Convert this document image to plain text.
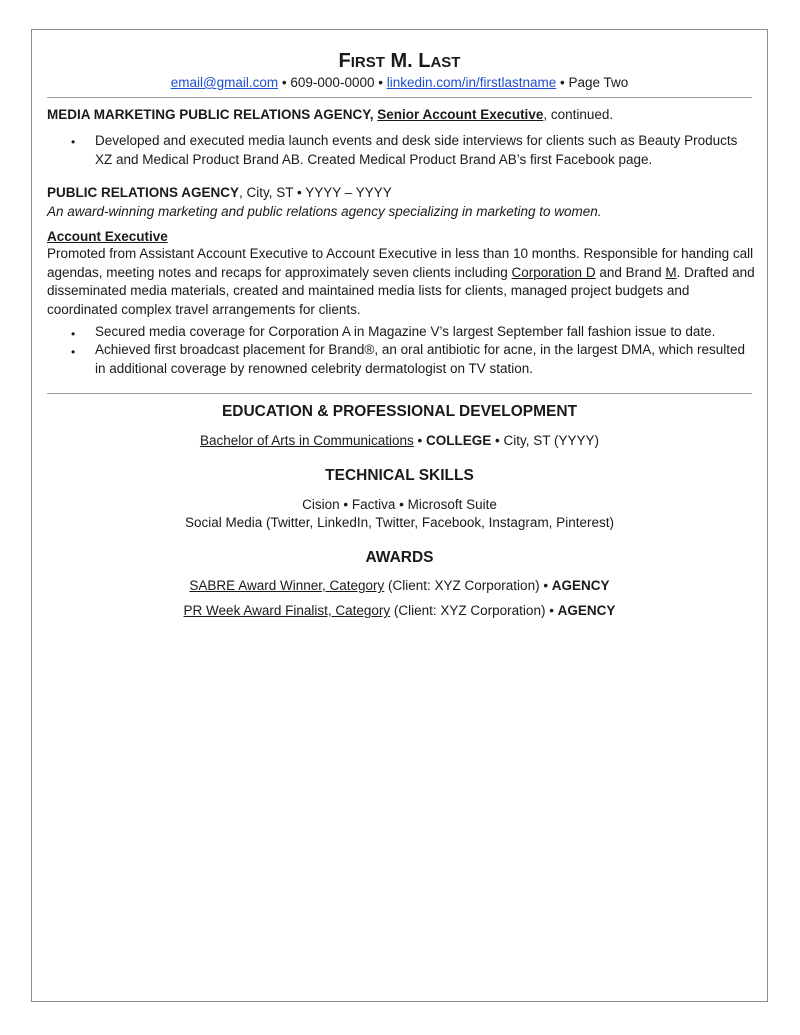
FIRST M. LAST
email@gmail.com • 609-000-0000 • linkedin.com/in/firstlastname • Page Two
MEDIA MARKETING PUBLIC RELATIONS AGENCY, Senior Account Executive, continued.
• Developed and executed media launch events and desk side interviews for clients such as Beauty Products XZ and Medical Product Brand AB. Created Medical Product Brand AB’s first Facebook page.
PUBLIC RELATIONS AGENCY, City, ST • YYYY – YYYY
An award-winning marketing and public relations agency specializing in marketing to women.
Account Executive
Promoted from Assistant Account Executive to Account Executive in less than 10 months. Responsible for handing call agendas, meeting notes and recaps for approximately seven clients including Corporation D and Brand M. Drafted and disseminated media materials, created and maintained media lists for clients, managed project budgets and coordinated complex travel arrangements for clients.
• Secured media coverage for Corporation A in Magazine V’s largest September fall fashion issue to date.
• Achieved first broadcast placement for Brand®, an oral antibiotic for acne, in the largest DMA, which resulted in additional coverage by renowned celebrity dermatologist on TV station.
EDUCATION & PROFESSIONAL DEVELOPMENT
Bachelor of Arts in Communications • COLLEGE • City, ST (YYYY)
TECHNICAL SKILLS
Cision • Factiva • Microsoft Suite
Social Media (Twitter, LinkedIn, Twitter, Facebook, Instagram, Pinterest)
AWARDS
SABRE Award Winner, Category (Client: XYZ Corporation) • AGENCY
PR Week Award Finalist, Category (Client: XYZ Corporation) • AGENCY
